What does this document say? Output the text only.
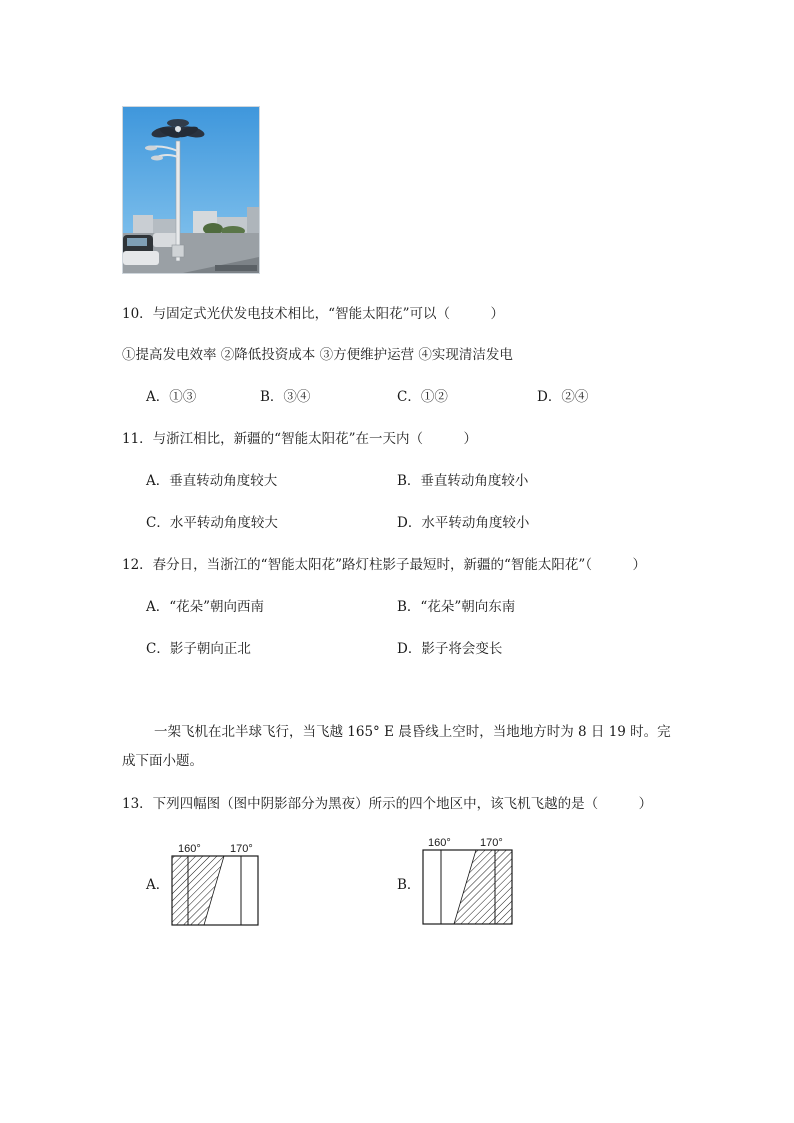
10．与固定式光伏发电技术相比，“智能太阳花”可以（　　　）
①提高发电效率 ②降低投资成本 ③方便维护运营 ④实现清洁发电
A．①③	B．③④	C．①②	D．②④
11．与浙江相比，新疆的“智能太阳花”在一天内（　　　）
A．垂直转动角度较大	B．垂直转动角度较小
C．水平转动角度较大	D．水平转动角度较小
12．春分日，当浙江的“智能太阳花”路灯柱影子最短时，新疆的“智能太阳花”（　　　）
A．“花朵”朝向西南	B．“花朵”朝向东南
C．影子朝向正北	D．影子将会变长
一架飞机在北半球飞行，当飞越 165° E 晨昏线上空时，当地地方时为 8 日 19 时。完
成下面小题。
13．下列四幅图（图中阴影部分为黑夜）所示的四个地区中，该飞机飞越的是（　　　）
A．
160°	170°
B．
160°	170°
